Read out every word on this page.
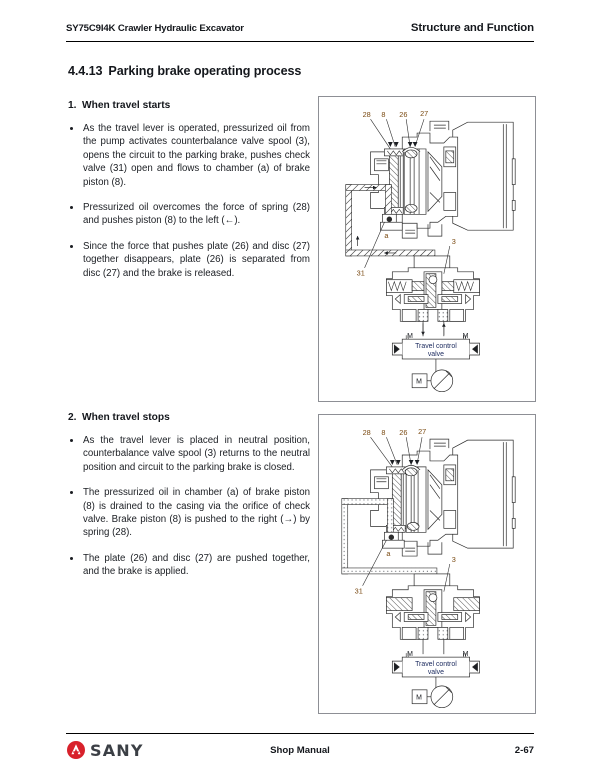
SY75C9I4K Crawler Hydraulic Excavator	Structure and Function
4.4.13 Parking brake operating process
1. When travel starts
As the travel lever is operated, pressurized oil from the pump activates counterbalance valve spool (3), opens the circuit to the parking brake, pushes check valve (31) open and flows to chamber (a) of brake piston (8).
Pressurized oil overcomes the force of spring (28) and pushes piston (8) to the left (←).
Since the force that pushes plate (26) and disc (27) together disappears, plate (26) is separated from disc (27) and the brake is released.
2. When travel stops
As the travel lever is placed in neutral position, counterbalance valve spool (3) returns to the neutral position and circuit to the parking brake is closed.
The pressurized oil in chamber (a) of brake piston (8) is drained to the casing via the orifice of check valve. Brake piston (8) is pushed to the right (→) by spring (28).
The plate (26) and disc (27) are pushed together, and the brake is applied.
28 8 26 27
31
a
3
Travel control
valve
M
M	M
28 8 26 27
31
a
3
Travel control
valve
M
M	M
SANY	Shop Manual	2-67
